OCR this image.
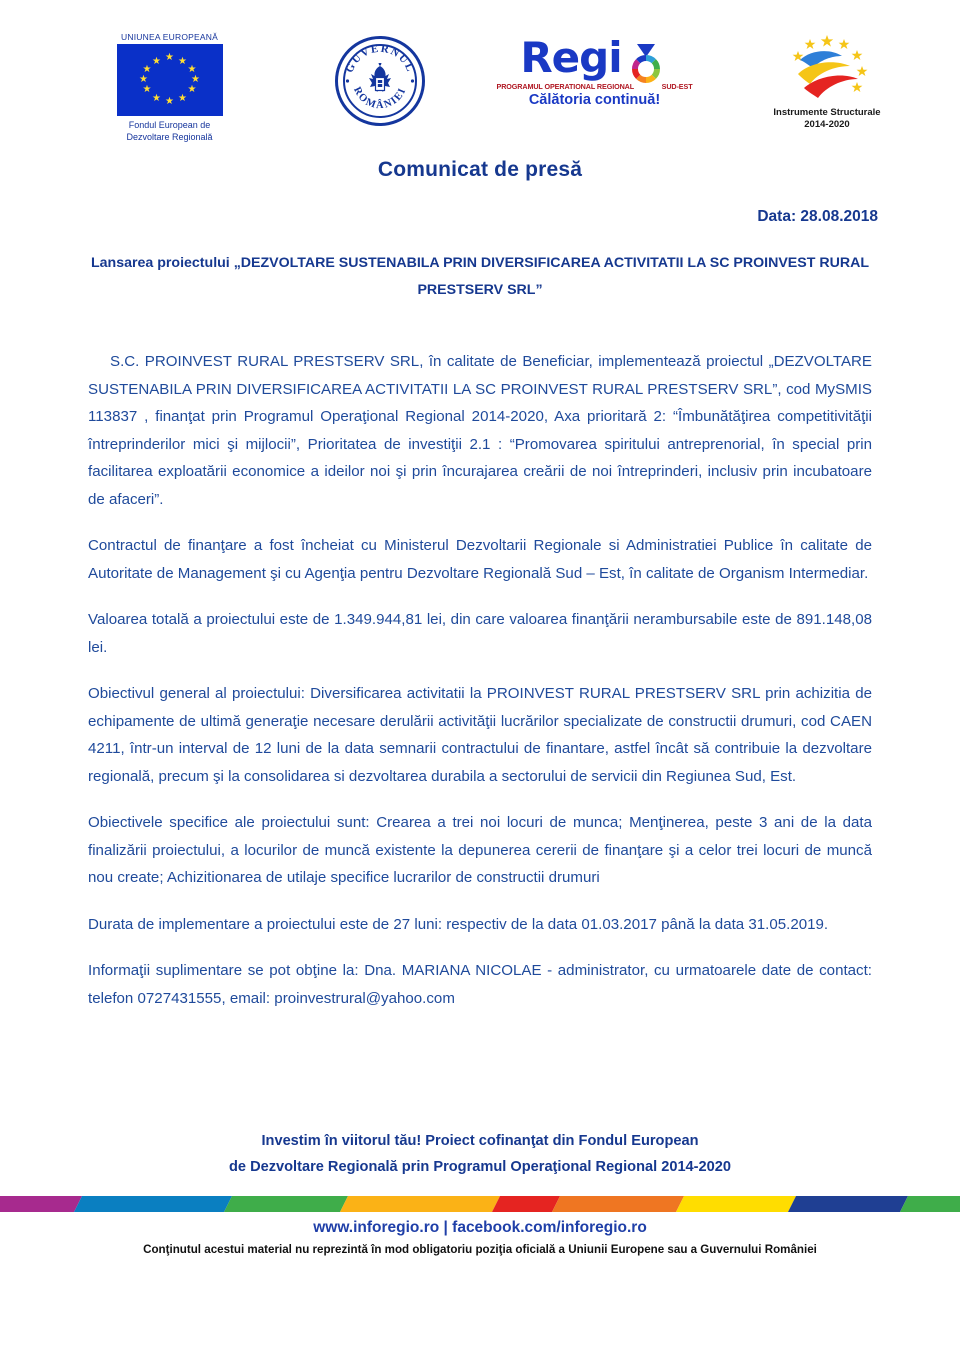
UNIUNEA EUROPEANĂ
★ ★
★
★
★
★
★
★
★
★
★
★
Fondul European de
Dezvoltare Regională
GUVERNUL
ROMÂNIEI
Regi
PROGRAMUL OPERATIONAL REGIONAL	SUD-EST
Călătoria continuă!
Instrumente Structurale
2014-2020
Comunicat de presă
Data: 28.08.2018
Lansarea proiectului „DEZVOLTARE SUSTENABILA PRIN DIVERSIFICAREA ACTIVITATII LA SC PROINVEST RURAL PRESTSERV SRL”

S.C. PROINVEST RURAL PRESTSERV SRL, în calitate de Beneficiar, implementează proiectul „DEZVOLTARE SUSTENABILA PRIN DIVERSIFICAREA ACTIVITATII LA SC PROINVEST RURAL PRESTSERV SRL”, cod MySMIS 113837 , finanţat prin Programul Operaţional Regional 2014-2020, Axa prioritară 2: “Îmbunătăţirea competitivităţii întreprinderilor mici şi mijlocii”, Prioritatea de investiţii 2.1 : “Promovarea spiritului antreprenorial, în special prin facilitarea exploatării economice a ideilor noi şi prin încurajarea creării de noi întreprinderi, inclusiv prin incubatoare de afaceri”.

Contractul de finanţare a fost încheiat cu Ministerul Dezvoltarii Regionale si Administratiei Publice în calitate de Autoritate de Management şi cu Agenţia pentru Dezvoltare Regională Sud – Est, în calitate de Organism Intermediar.

Valoarea totală a proiectului este de 1.349.944,81 lei, din care valoarea finanţării nerambursabile este de 891.148,08 lei.

Obiectivul general al proiectului: Diversificarea activitatii la PROINVEST RURAL PRESTSERV SRL prin achizitia de echipamente de ultimă generaţie necesare derulării activităţii lucrărilor specializate de constructii drumuri, cod CAEN 4211, într-un interval de 12 luni de la data semnarii contractului de finantare, astfel încât să contribuie la dezvoltare regională, precum şi la consolidarea si dezvoltarea durabila a sectorului de servicii din Regiunea Sud, Est.

Obiectivele specifice ale proiectului sunt: Crearea a trei noi locuri de munca; Menţinerea, peste 3 ani de la data finalizării proiectului, a locurilor de muncă existente la depunerea cererii de finanţare şi a celor trei locuri de muncă nou create; Achizitionarea de utilaje specifice lucrarilor de constructii drumuri

Durata de implementare a proiectului este de 27 luni: respectiv de la data 01.03.2017 până la data 31.05.2019.

Informaţii suplimentare se pot obţine la: Dna. MARIANA NICOLAE - administrator, cu urmatoarele date de contact: telefon 0727431555, email: proinvestrural@yahoo.com

Investim în viitorul tău! Proiect cofinanţat din Fondul European
de Dezvoltare Regională prin Programul Operaţional Regional 2014-2020
www.inforegio.ro | facebook.com/inforegio.ro
Conţinutul acestui material nu reprezintă în mod obligatoriu poziţia oficială a Uniunii Europene sau a Guvernului României
